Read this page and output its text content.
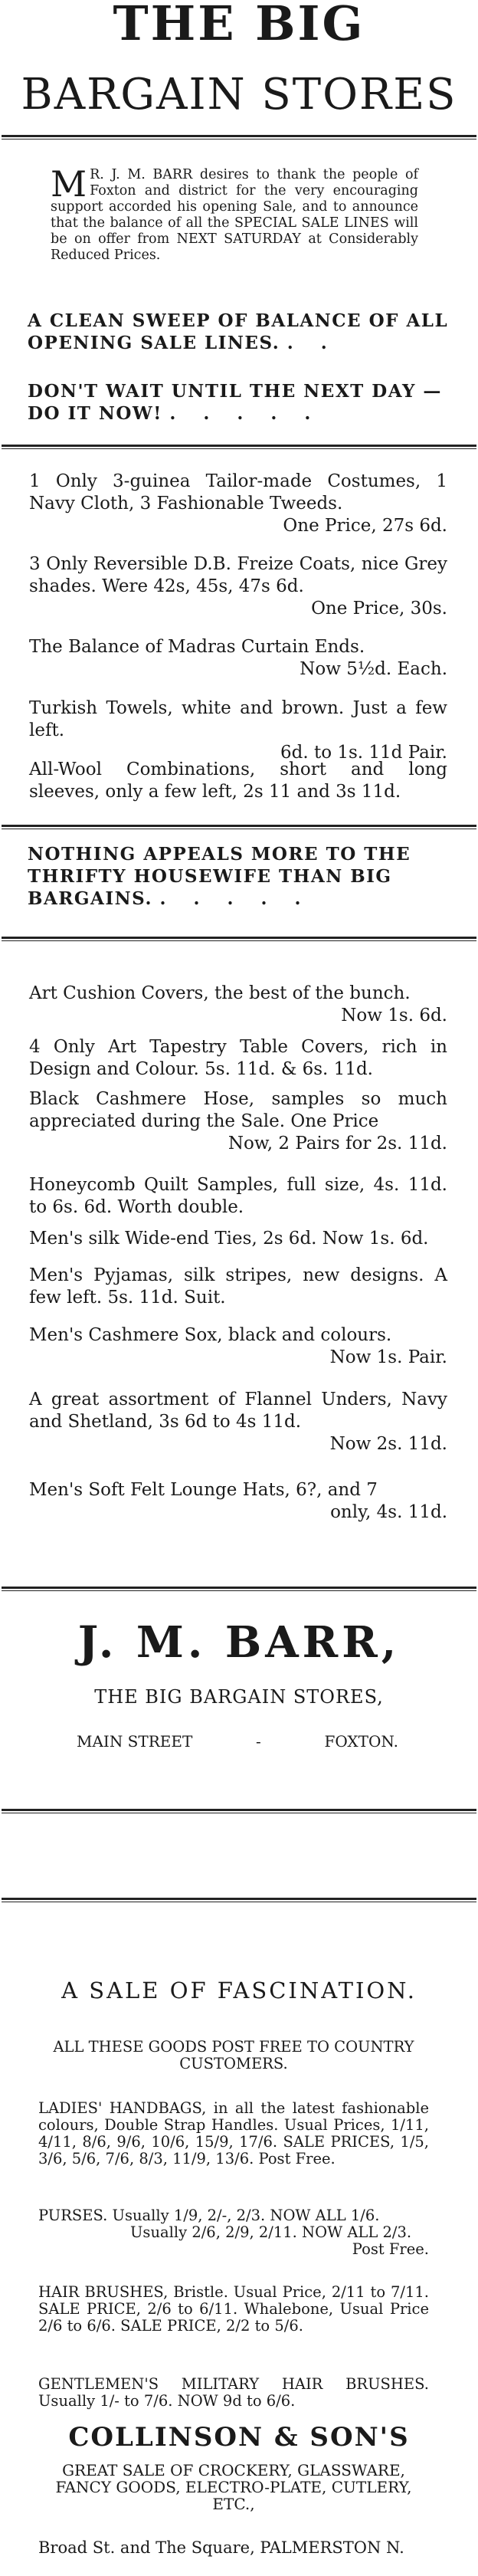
THE BIG
BARGAIN STORES
M R. J. M. BARR desires to thank the people of Foxton and district for the very encouraging support accorded his opening Sale, and to announce that the balance of all the SPECIAL SALE LINES will be on offer from NEXT SATURDAY at Considerably Reduced Prices.
A CLEAN SWEEP OF BALANCE OF ALL OPENING SALE LINES. . .
DON'T WAIT UNTIL THE NEXT DAY —DO IT NOW! . . . . .
1 Only 3-guinea Tailor-made Costumes, 1 Navy Cloth, 3 Fashionable Tweeds.
One Price, 27s 6d.
3 Only Reversible D.B. Freize Coats, nice Grey shades. Were 42s, 45s, 47s 6d.
One Price, 30s.
The Balance of Madras Curtain Ends.
Now 5½d. Each.
Turkish Towels, white and brown. Just a few left.
6d. to 1s. 11d Pair.
All-Wool Combinations, short and long sleeves, only a few left, 2s 11 and 3s 11d.
NOTHING APPEALS MORE TO THE THRIFTY HOUSEWIFE THAN BIG BARGAINS. . . . . .
Art Cushion Covers, the best of the bunch.
Now 1s. 6d.
4 Only Art Tapestry Table Covers, rich in Design and Colour. 5s. 11d. & 6s. 11d.
Black Cashmere Hose, samples so much appreciated during the Sale. One Price
Now, 2 Pairs for 2s. 11d.
Honeycomb Quilt Samples, full size, 4s. 11d. to 6s. 6d. Worth double.
Men's silk Wide-end Ties, 2s 6d. Now 1s. 6d.
Men's Pyjamas, silk stripes, new designs. A few left. 5s. 11d. Suit.
Men's Cashmere Sox, black and colours.
Now 1s. Pair.
A great assortment of Flannel Unders, Navy and Shetland, 3s 6d to 4s 11d.
Now 2s. 11d.
Men's Soft Felt Lounge Hats, 6?, and 7
only, 4s. 11d.
J. M. BARR,
THE BIG BARGAIN STORES,
MAIN STREET	-	FOXTON.
A SALE OF FASCINATION.
ALL THESE GOODS POST FREE TO COUNTRY CUSTOMERS.
LADIES' HANDBAGS, in all the latest fashionable colours, Double Strap Handles. Usual Prices, 1/11, 4/11, 8/6, 9/6, 10/6, 15/9, 17/6. SALE PRICES, 1/5, 3/6, 5/6, 7/6, 8/3, 11/9, 13/6. Post Free.
PURSES. Usually 1/9, 2/-, 2/3. NOW ALL 1/6.
Usually 2/6, 2/9, 2/11. NOW ALL 2/3.
Post Free.
HAIR BRUSHES, Bristle. Usual Price, 2/11 to 7/11. SALE PRICE, 2/6 to 6/11. Whalebone, Usual Price 2/6 to 6/6. SALE PRICE, 2/2 to 5/6.
GENTLEMEN'S MILITARY HAIR BRUSHES. Usually 1/- to 7/6. NOW 9d to 6/6.
COLLINSON & SON'S
GREAT SALE OF CROCKERY, GLASSWARE, FANCY GOODS, ELECTRO-PLATE, CUTLERY, ETC.,
Broad St. and The Square, PALMERSTON N.
